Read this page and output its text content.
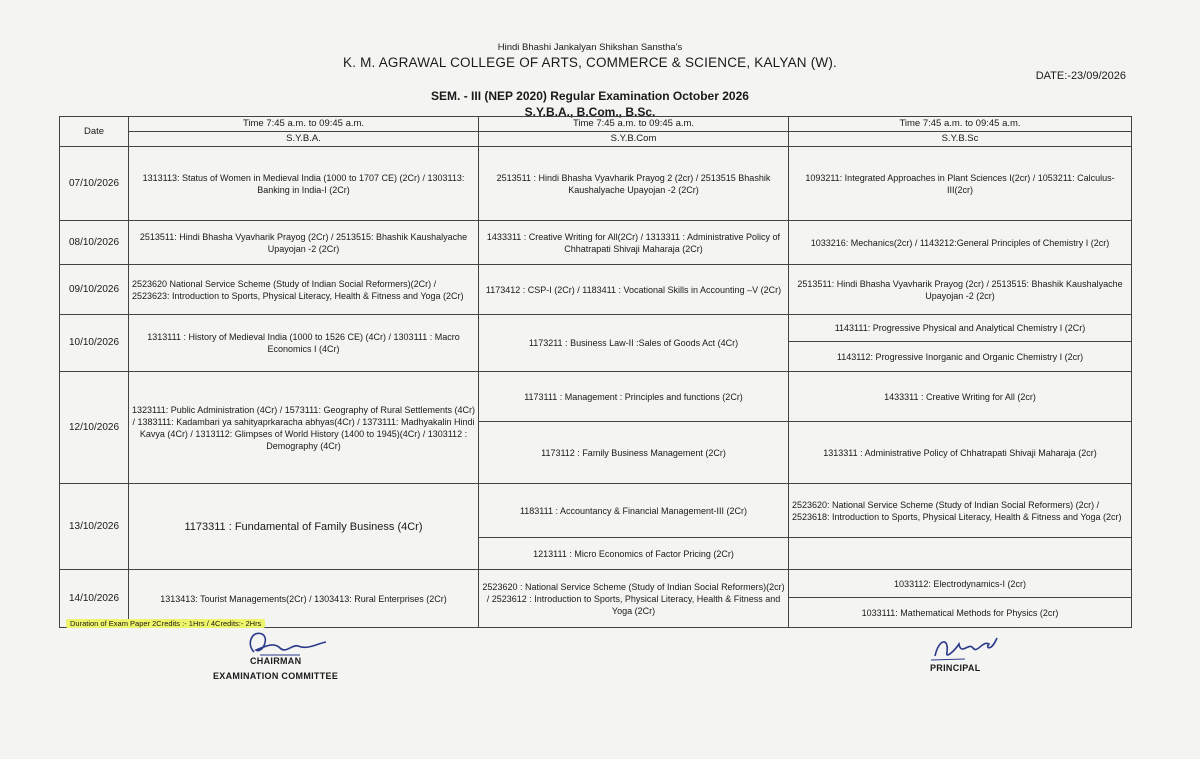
Hindi Bhashi Jankalyan Shikshan Sanstha's
K. M. AGRAWAL COLLEGE OF ARTS, COMMERCE & SCIENCE, KALYAN (W).
DATE:-23/09/2026
SEM. - III (NEP 2020) Regular Examination October 2026
S.Y.B.A., B.Com., B.Sc.
Date	Time 7:45 a.m. to 09:45 a.m.	Time 7:45 a.m. to 09:45 a.m.	Time 7:45 a.m. to 09:45 a.m.
	S.Y.B.A.	S.Y.B.Com	S.Y.B.Sc
07/10/2026	1313113: Status of Women in Medieval India (1000 to 1707 CE) (2Cr) / 1303113: Banking in India-I (2Cr)	2513511 : Hindi Bhasha Vyavharik Prayog 2 (2cr) / 2513515 Bhashik Kaushalyache Upayojan -2 (2Cr)	1093211: Integrated Approaches in Plant Sciences I(2cr) / 1053211: Calculus- III(2cr)
08/10/2026	2513511: Hindi Bhasha Vyavharik Prayog (2Cr) / 2513515: Bhashik Kaushalyache Upayojan -2 (2Cr)	1433311 : Creative Writing for All(2Cr) / 1313311 : Administrative Policy of Chhatrapati Shivaji Maharaja (2Cr)	1033216: Mechanics(2cr) / 1143212:General Principles of Chemistry I (2cr)
09/10/2026	2523620 National Service Scheme (Study of Indian Social Reformers)(2Cr) / 2523623: Introduction to Sports, Physical Literacy, Health & Fitness and Yoga (2Cr)	1173412 : CSP-I (2Cr) / 1183411 : Vocational Skills in Accounting –V (2Cr)	2513511: Hindi Bhasha Vyavharik Prayog (2cr) / 2513515: Bhashik Kaushalyache Upayojan -2 (2cr)
10/10/2026	1313111 : History of Medieval India (1000 to 1526 CE) (4Cr) / 1303111 : Macro Economics I (4Cr)	1173211 : Business Law-II :Sales of Goods Act (4Cr)	1143111: Progressive Physical and Analytical Chemistry I (2Cr)
			1143112: Progressive Inorganic and Organic Chemistry I (2cr)
12/10/2026	1323111: Public Administration (4Cr) / 1573111: Geography of Rural Settlements (4Cr) / 1383111: Kadambari ya sahityaprkaracha abhyas(4Cr) / 1373111: Madhyakalin Hindi Kavya (4Cr) / 1313112: Glimpses of World History (1400 to 1945)(4Cr) / 1303112 : Demography (4Cr)	1173111 : Management : Principles and functions (2Cr)	1433311 : Creative Writing for All (2cr)
		1173112 : Family Business Management (2Cr)	1313311 : Administrative Policy of Chhatrapati Shivaji Maharaja (2cr)
13/10/2026	1173311 : Fundamental of Family Business (4Cr)	1183111 : Accountancy & Financial Management-III (2Cr)	2523620: National Service Scheme (Study of Indian Social Reformers) (2cr) / 2523618: Introduction to Sports, Physical Literacy, Health & Fitness and Yoga (2cr)
		1213111 : Micro Economics of Factor Pricing (2Cr)	
14/10/2026	1313413: Tourist Managements(2Cr) / 1303413: Rural Enterprises (2Cr)	2523620 : National Service Scheme (Study of Indian Social Reformers)(2cr) / 2523612 : Introduction to Sports, Physical Literacy, Health & Fitness and Yoga (2Cr)	1033112: Electrodynamics-I (2cr)
			1033111: Mathematical Methods for Physics (2cr)
Duration of Exam Paper 2Credits :- 1Hrs / 4Credits:- 2Hrs
CHAIRMAN
EXAMINATION COMMITTEE
PRINCIPAL
